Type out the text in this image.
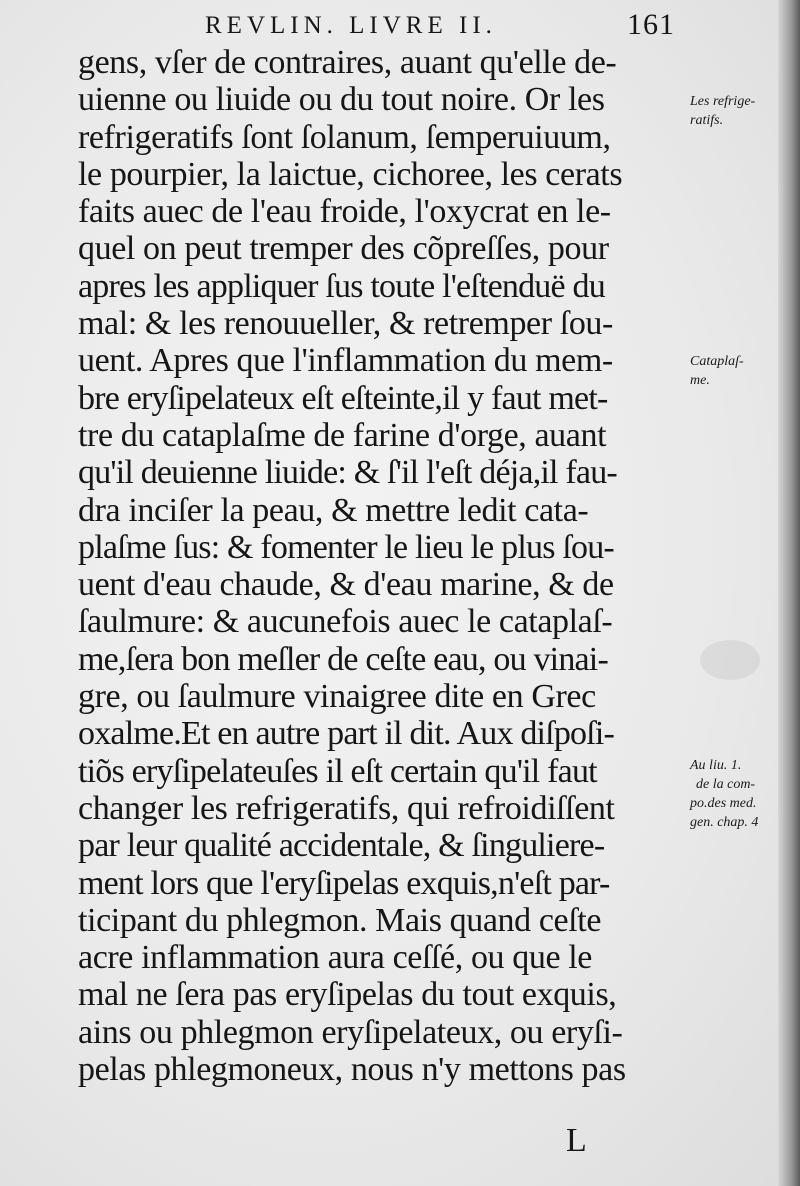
REVLIN. LIVRE II.	161
gens, vſer de contraires, auant qu'elle de-
uienne ou liuide ou du tout noire. Or les
refrigeratifs ſont ſolanum, ſemperuiuum,
le pourpier, la laictue, cichoree, les cerats
faits auec de l'eau froide, l'oxycrat en le-
quel on peut tremper des cõpreſſes, pour
apres les appliquer ſus toute l'eſtenduë du
mal: & les renouueller, & retremper ſou-
uent. Apres que l'inflammation du mem-
bre eryſipelateux eſt eſteinte,il y faut met-
tre du cataplaſme de farine d'orge, auant
qu'il deuienne liuide: & ſ'il l'eſt déja,il fau-
dra inciſer la peau, & mettre ledit cata-
plaſme ſus: & fomenter le lieu le plus ſou-
uent d'eau chaude, & d'eau marine, & de
ſaulmure: & aucunefois auec le cataplaſ-
me,ſera bon meſler de ceſte eau, ou vinai-
gre, ou ſaulmure vinaigree dite en Grec
oxalme.Et en autre part il dit. Aux diſpoſi-
tiõs eryſipelateuſes il eſt certain qu'il faut
changer les refrigeratifs, qui refroidiſſent
par leur qualité accidentale, & ſinguliere-
ment lors que l'eryſipelas exquis,n'eſt par-
ticipant du phlegmon. Mais quand ceſte
acre inflammation aura ceſſé, ou que le
mal ne ſera pas eryſipelas du tout exquis,
ains ou phlegmon eryſipelateux, ou eryſi-
pelas phlegmoneux, nous n'y mettons pas
Les refrige-
ratifs.
Cataplaſ-
me.
Au liu. 1.
de la com-
po.des med.
gen. chap. 4
L
